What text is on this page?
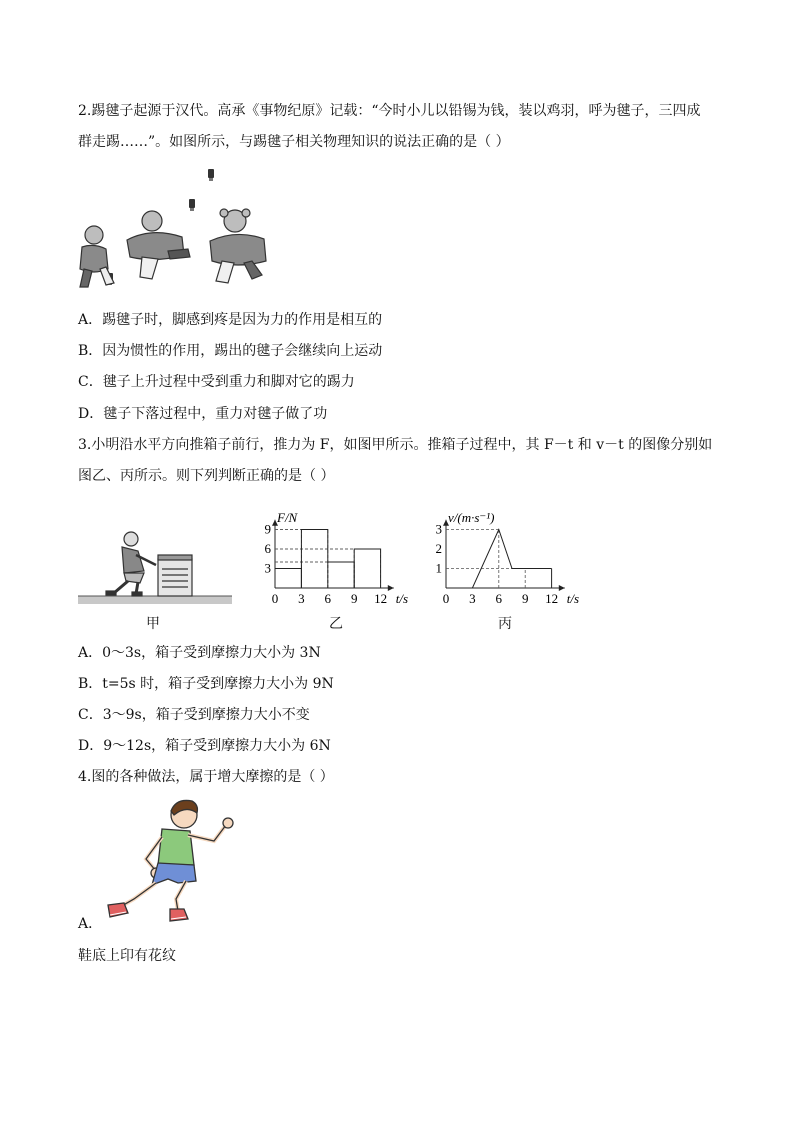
2.踢毽子起源于汉代。高承《事物纪原》记载：“今时小儿以铅锡为钱，装以鸡羽，呼为毽子，三四成
群走踢……”。如图所示，与踢毽子相关物理知识的说法正确的是（ ）
A．踢毽子时，脚感到疼是因为力的作用是相互的
B．因为惯性的作用，踢出的毽子会继续向上运动
C．毽子上升过程中受到重力和脚对它的踢力
D．毽子下落过程中，重力对毽子做了功
3.小明沿水平方向推箱子前行，推力为 F，如图甲所示。推箱子过程中，其 F－t 和 v－t 的图像分别如
图乙、丙所示。则下列判断正确的是（ ）
0 3 6 9 12
3
6
9
t/s
F/N
0 3 6 9 12
1
2
3
t/s
v/(m·s⁻¹)
甲	乙	丙
A．0～3s，箱子受到摩擦力大小为 3N
B．t=5s 时，箱子受到摩擦力大小为 9N
C．3～9s，箱子受到摩擦力大小不变
D．9～12s，箱子受到摩擦力大小为 6N
4.图的各种做法，属于增大摩擦的是（ ）
A．
鞋底上印有花纹
